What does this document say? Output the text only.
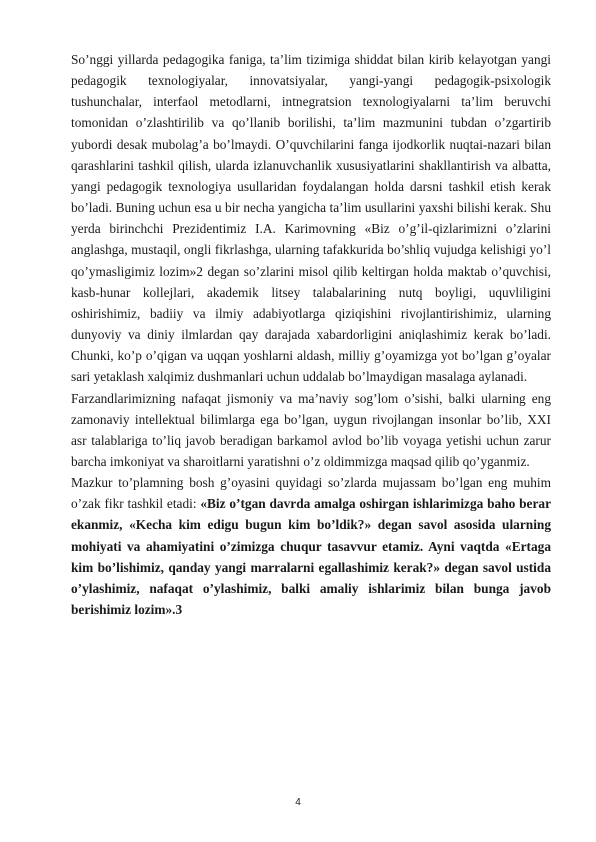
So’nggi yillarda pedagogika faniga, ta’lim tizimiga shiddat bilan kirib kelayotgan yangi pedagogik texnologiyalar, innovatsiyalar, yangi-yangi pedagogik-psixologik tushunchalar, interfaol metodlarni, intnegratsion texnologiyalarni ta’lim beruvchi tomonidan o’zlashtirilib va qo’llanib borilishi, ta’lim mazmunini tubdan o’zgartirib yubordi desak mubolag’a bo’lmaydi. O’quvchilarini fanga ijodkorlik nuqtai-nazari bilan qarashlarini tashkil qilish, ularda izlanuvchanlik xususiyatlarini shakllantirish va albatta, yangi pedagogik texnologiya usullaridan foydalangan holda darsni tashkil etish kerak bo’ladi. Buning uchun esa u bir necha yangicha ta’lim usullarini yaxshi bilishi kerak. Shu yerda birinchchi Prezidentimiz I.A. Karimovning «Biz o’g’il-qizlarimizni o’zlarini anglashga, mustaqil, ongli fikrlashga, ularning tafakkurida bo’shliq vujudga kelishigi yo’l qo’ymasligimiz lozim»2 degan so’zlarini misol qilib keltirgan holda maktab o’quvchisi, kasb-hunar kollejlari, akademik litsey talabalarining nutq boyligi, uquvliligini oshirishimiz, badiiy va ilmiy adabiyotlarga qiziqishini rivojlantirishimiz, ularning dunyoviy va diniy ilmlardan qay darajada xabardorligini aniqlashimiz kerak bo’ladi. Chunki, ko’p o’qigan va uqqan yoshlarni aldash, milliy g’oyamizga yot bo’lgan g’oyalar sari yetaklash xalqimiz dushmanlari uchun uddalab bo’lmaydigan masalaga aylanadi.

Farzandlarimizning nafaqat jismoniy va ma’naviy sog’lom o’sishi, balki ularning eng zamonaviy intellektual bilimlarga ega bo’lgan, uygun rivojlangan insonlar bo’lib, XXI asr talablariga to’liq javob beradigan barkamol avlod bo’lib voyaga yetishi uchun zarur barcha imkoniyat va sharoitlarni yaratishni o’z oldimmizga maqsad qilib qo’yganmiz.

Mazkur to’plamning bosh g’oyasini quyidagi so’zlarda mujassam bo’lgan eng muhim o’zak fikr tashkil etadi: «Biz o’tgan davrda amalga oshirgan ishlarimizga baho berar ekanmiz, «Kecha kim edigu bugun kim bo’ldik?» degan savol asosida ularning mohiyati va ahamiyatini o’zimizga chuqur tasavvur etamiz. Ayni vaqtda «Ertaga kim bo’lishimiz, qanday yangi marralarni egallashimiz kerak?» degan savol ustida o’ylashimiz, nafaqat o’ylashimiz, balki amaliy ishlarimiz bilan bunga javob berishimiz lozim».3

4
